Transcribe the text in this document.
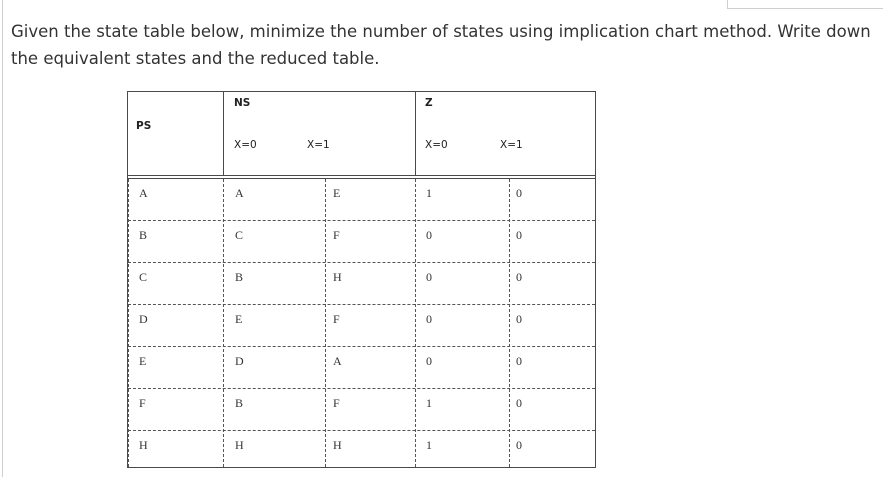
Given the state table below, minimize the number of states using implication chart method. Write down the equivalent states and the reduced table.

PS
NS	Z
X=0	X=1	X=0	X=1
A	A	E	1	0
B	C	F	0	0
C	B	H	0	0
D	E	F	0	0
E	D	A	0	0
F	B	F	1	0
H	H	H	1	0
